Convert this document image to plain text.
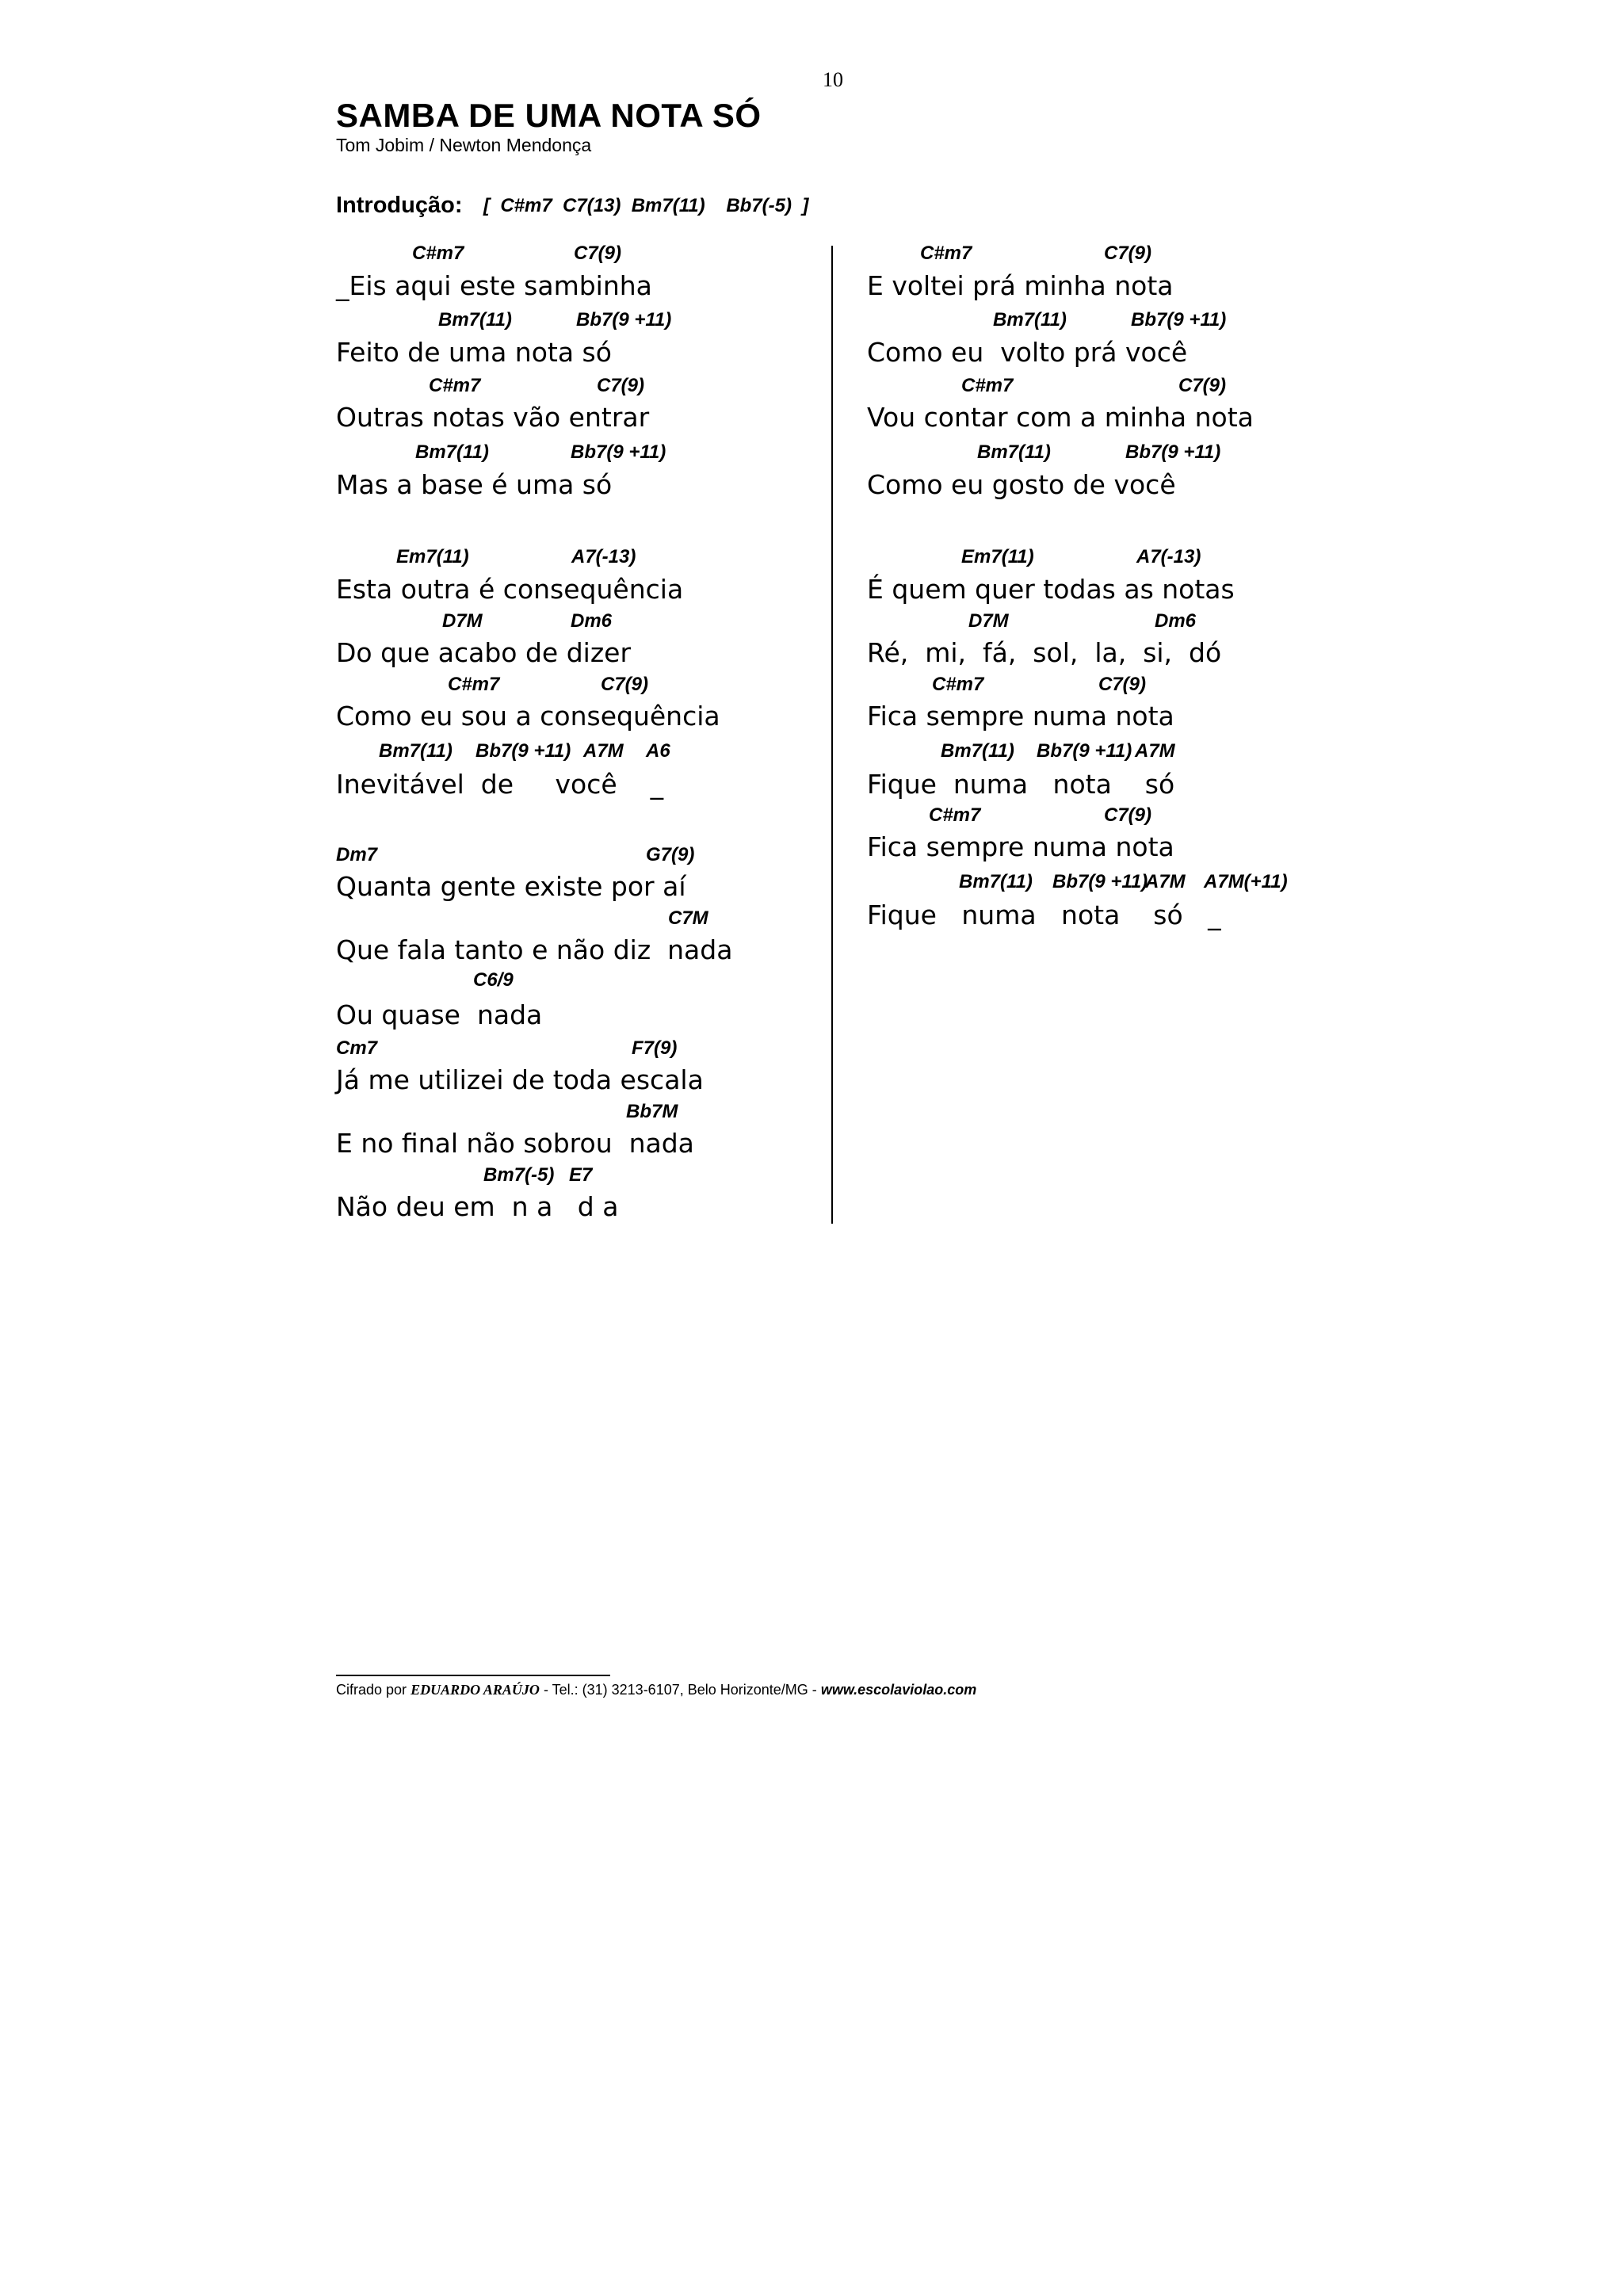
10
SAMBA DE UMA NOTA SÓ
Tom Jobim / Newton Mendonça
Introdução: [  C#m7  C7(13)  Bm7(11)    Bb7(-5)  ]
C#m7	C7(9)
_Eis aqui este sambinha
Bm7(11)	Bb7(9 +11)
Feito de uma nota só
C#m7	C7(9)
Outras notas vão entrar
Bm7(11)	Bb7(9 +11)
Mas a base é uma só
Em7(11)	A7(-13)
Esta outra é consequência
D7M	Dm6
Do que acabo de dizer
C#m7	C7(9)
Como eu sou a consequência
Bm7(11) Bb7(9 +11) A7M A6
Inevitável  de     você    _
Dm7	G7(9)
Quanta gente existe por aí
C7M
Que fala tanto e não diz  nada
C6/9
Ou quase  nada
Cm7	F7(9)
Já me utilizei de toda escala
Bb7M
E no final não sobrou  nada
Bm7(-5) E7
Não deu em  n a   d a
C#m7	C7(9)
E voltei prá minha nota
Bm7(11)	Bb7(9 +11)
Como eu  volto prá você
C#m7	C7(9)
Vou contar com a minha nota
Bm7(11)	Bb7(9 +11)
Como eu gosto de você
Em7(11)	A7(-13)
É quem quer todas as notas
D7M	Dm6
Ré,  mi,  fá,  sol,  la,  si,  dó
C#m7	C7(9)
Fica sempre numa nota
Bm7(11) Bb7(9 +11) A7M
Fique  numa   nota    só
C#m7	C7(9)
Fica sempre numa nota
Bm7(11) Bb7(9 +11)
A7M A7M(+11)
Fique   numa   nota    só   _
Cifrado por EDUARDO ARAÚJO - Tel.: (31) 3213-6107, Belo Horizonte/MG - www.escolaviolao.com
